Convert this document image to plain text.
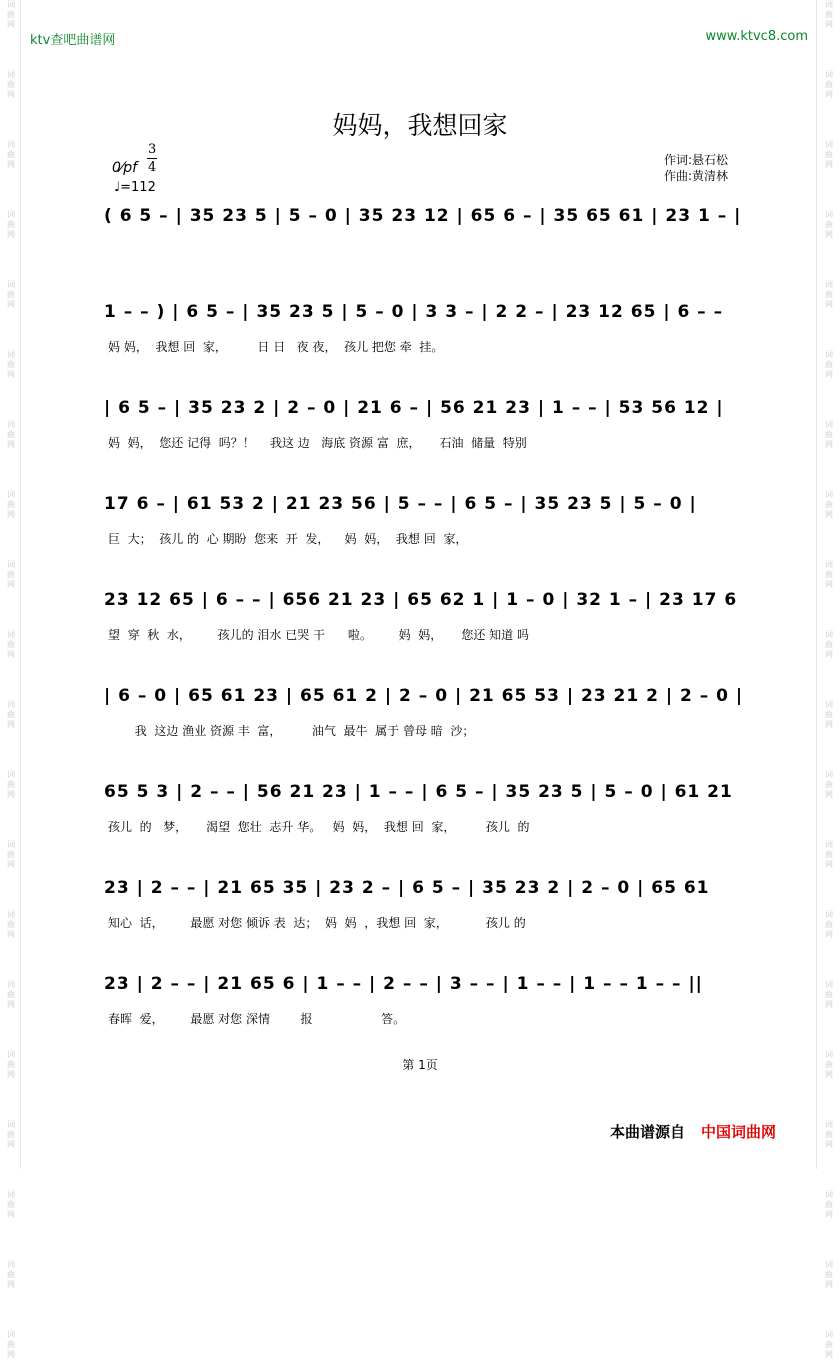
词
曲
网
词
曲
网
词
曲
网
词
曲
网
词
曲
网
词
曲
网
词
曲
网
词
曲
网
词
曲
网
词
曲
网
词
曲
网
词
曲
网
词
曲
网
词
曲
网
词
曲
网
词
曲
网
词
曲
网
词
曲
网
词
曲
网
词
曲
网
词
曲
网
词
曲
网
词
曲
网
词
曲
网
词
曲
网
词
曲
网
词
曲
网
词
曲
网
词
曲
网
词
曲
网
词
曲
网
词
曲
网
词
曲
网
词
曲
网
词
曲
网
词
曲
网
词
曲
网
词
曲
网
词
曲
网
词
曲
网
ktv查吧曲谱网	www.ktvc8.com
妈妈，我想回家
3
4
0⁄pf
♩=112
作词:悬石松
作曲:黄清林
( 6 5 – | 35 23 5 | 5 – 0 | 35 23 12 | 65 6 – | 35 65 61 | 23 1 – |
1 – – ) | 6 5 – | 35 23 5 | 5 – 0 | 3 3 – | 2 2 – | 23 12 65 | 6 – –
妈 妈，  我想 回  家，        日 日   夜 夜，  孩儿 把您 牵  挂。
| 6 5 – | 35 23 2 | 2 – 0 | 21 6 – | 56 21 23 | 1 – – | 53 56 12 |
妈  妈，  您还 记得  吗？！    我这 边   海底 资源 富  庶，     石油  储量  特别
17 6 – | 61 53 2 | 21 23 56 | 5 – – | 6 5 – | 35 23 5 | 5 – 0 |
巨  大；  孩儿 的  心 期盼  您来  开  发，    妈  妈，  我想 回  家，
23 12 65 | 6 – – | 656 21 23 | 65 62 1 | 1 – 0 | 32 1 – | 23 17 6
望  穿  秋  水，       孩儿的 泪水 已哭 干      啦。       妈  妈，     您还 知道 吗
| 6 – 0 | 65 61 23 | 65 61 2 | 2 – 0 | 21 65 53 | 23 21 2 | 2 – 0 |
我  这边 渔业 资源 丰  富，        油气  最牛  属于 曾母 暗  沙；
65 5 3 | 2 – – | 56 21 23 | 1 – – | 6 5 – | 35 23 5 | 5 – 0 | 61 21
孩儿  的   梦，     渴望  您壮  志升 华。   妈  妈，  我想 回  家，        孩儿  的
23 | 2 – – | 21 65 35 | 23 2 – | 6 5 – | 35 23 2 | 2 – 0 | 65 61
知心  话，       最愿 对您 倾诉 表  达；  妈  妈  ，我想 回  家，          孩儿 的
23 | 2 – – | 21 65 6 | 1 – – | 2 – – | 3 – – | 1 – – | 1 – – 1 – – ||
春晖  爱，       最愿 对您 深情        报                  答。
第 1页
本曲谱源自 中国词曲网
